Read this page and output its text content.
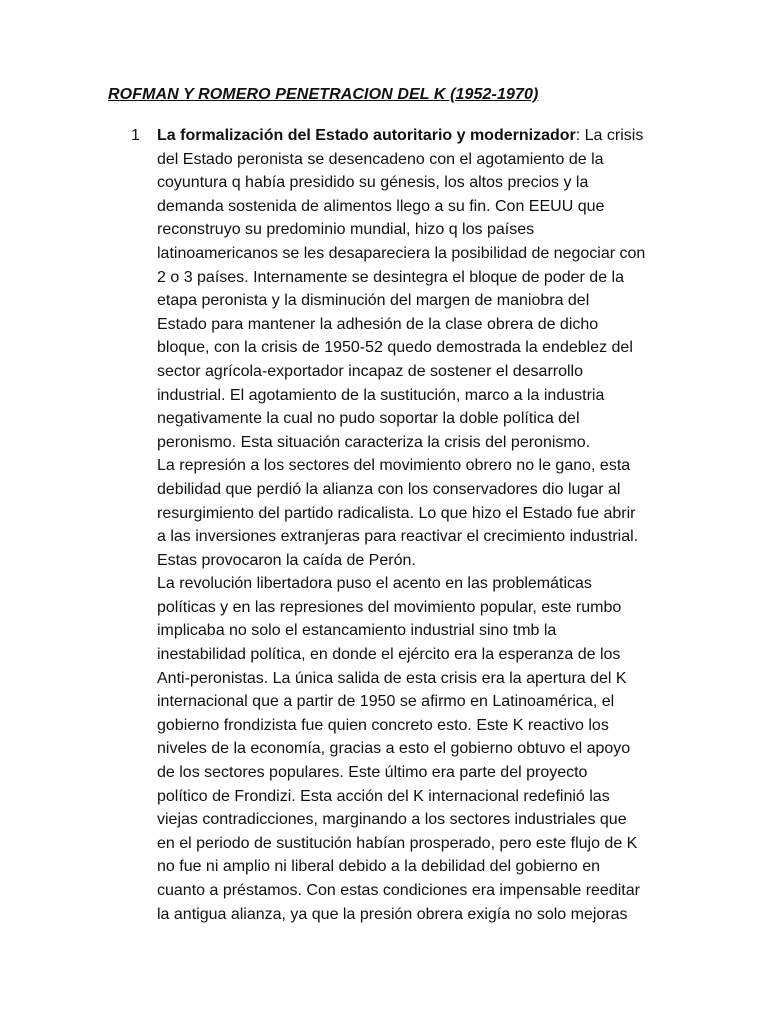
ROFMAN Y ROMERO PENETRACION DEL K (1952-1970)
1 La formalización del Estado autoritario y modernizador: La crisis
del Estado peronista se desencadeno con el agotamiento de la
coyuntura q había presidido su génesis, los altos precios y la
demanda sostenida de alimentos llego a su fin. Con EEUU que
reconstruyo su predominio mundial, hizo q los países
latinoamericanos se les desapareciera la posibilidad de negociar con
2 o 3 países. Internamente se desintegra el bloque de poder de la
etapa peronista y la disminución del margen de maniobra del
Estado para mantener la adhesión de la clase obrera de dicho
bloque, con la crisis de 1950-52 quedo demostrada la endeblez del
sector agrícola-exportador incapaz de sostener el desarrollo
industrial. El agotamiento de la sustitución, marco a la industria
negativamente la cual no pudo soportar la doble política del
peronismo. Esta situación caracteriza la crisis del peronismo.
La represión a los sectores del movimiento obrero no le gano, esta
debilidad que perdió la alianza con los conservadores dio lugar al
resurgimiento del partido radicalista. Lo que hizo el Estado fue abrir
a las inversiones extranjeras para reactivar el crecimiento industrial.
Estas provocaron la caída de Perón.
La revolución libertadora puso el acento en las problemáticas
políticas y en las represiones del movimiento popular, este rumbo
implicaba no solo el estancamiento industrial sino tmb la
inestabilidad política, en donde el ejército era la esperanza de los
Anti-peronistas. La única salida de esta crisis era la apertura del K
internacional que a partir de 1950 se afirmo en Latinoamérica, el
gobierno frondizista fue quien concreto esto. Este K reactivo los
niveles de la economía, gracias a esto el gobierno obtuvo el apoyo
de los sectores populares. Este último era parte del proyecto
político de Frondizi. Esta acción del K internacional redefinió las
viejas contradicciones, marginando a los sectores industriales que
en el periodo de sustitución habían prosperado, pero este flujo de K
no fue ni amplio ni liberal debido a la debilidad del gobierno en
cuanto a préstamos. Con estas condiciones era impensable reeditar
la antigua alianza, ya que la presión obrera exigía no solo mejoras
